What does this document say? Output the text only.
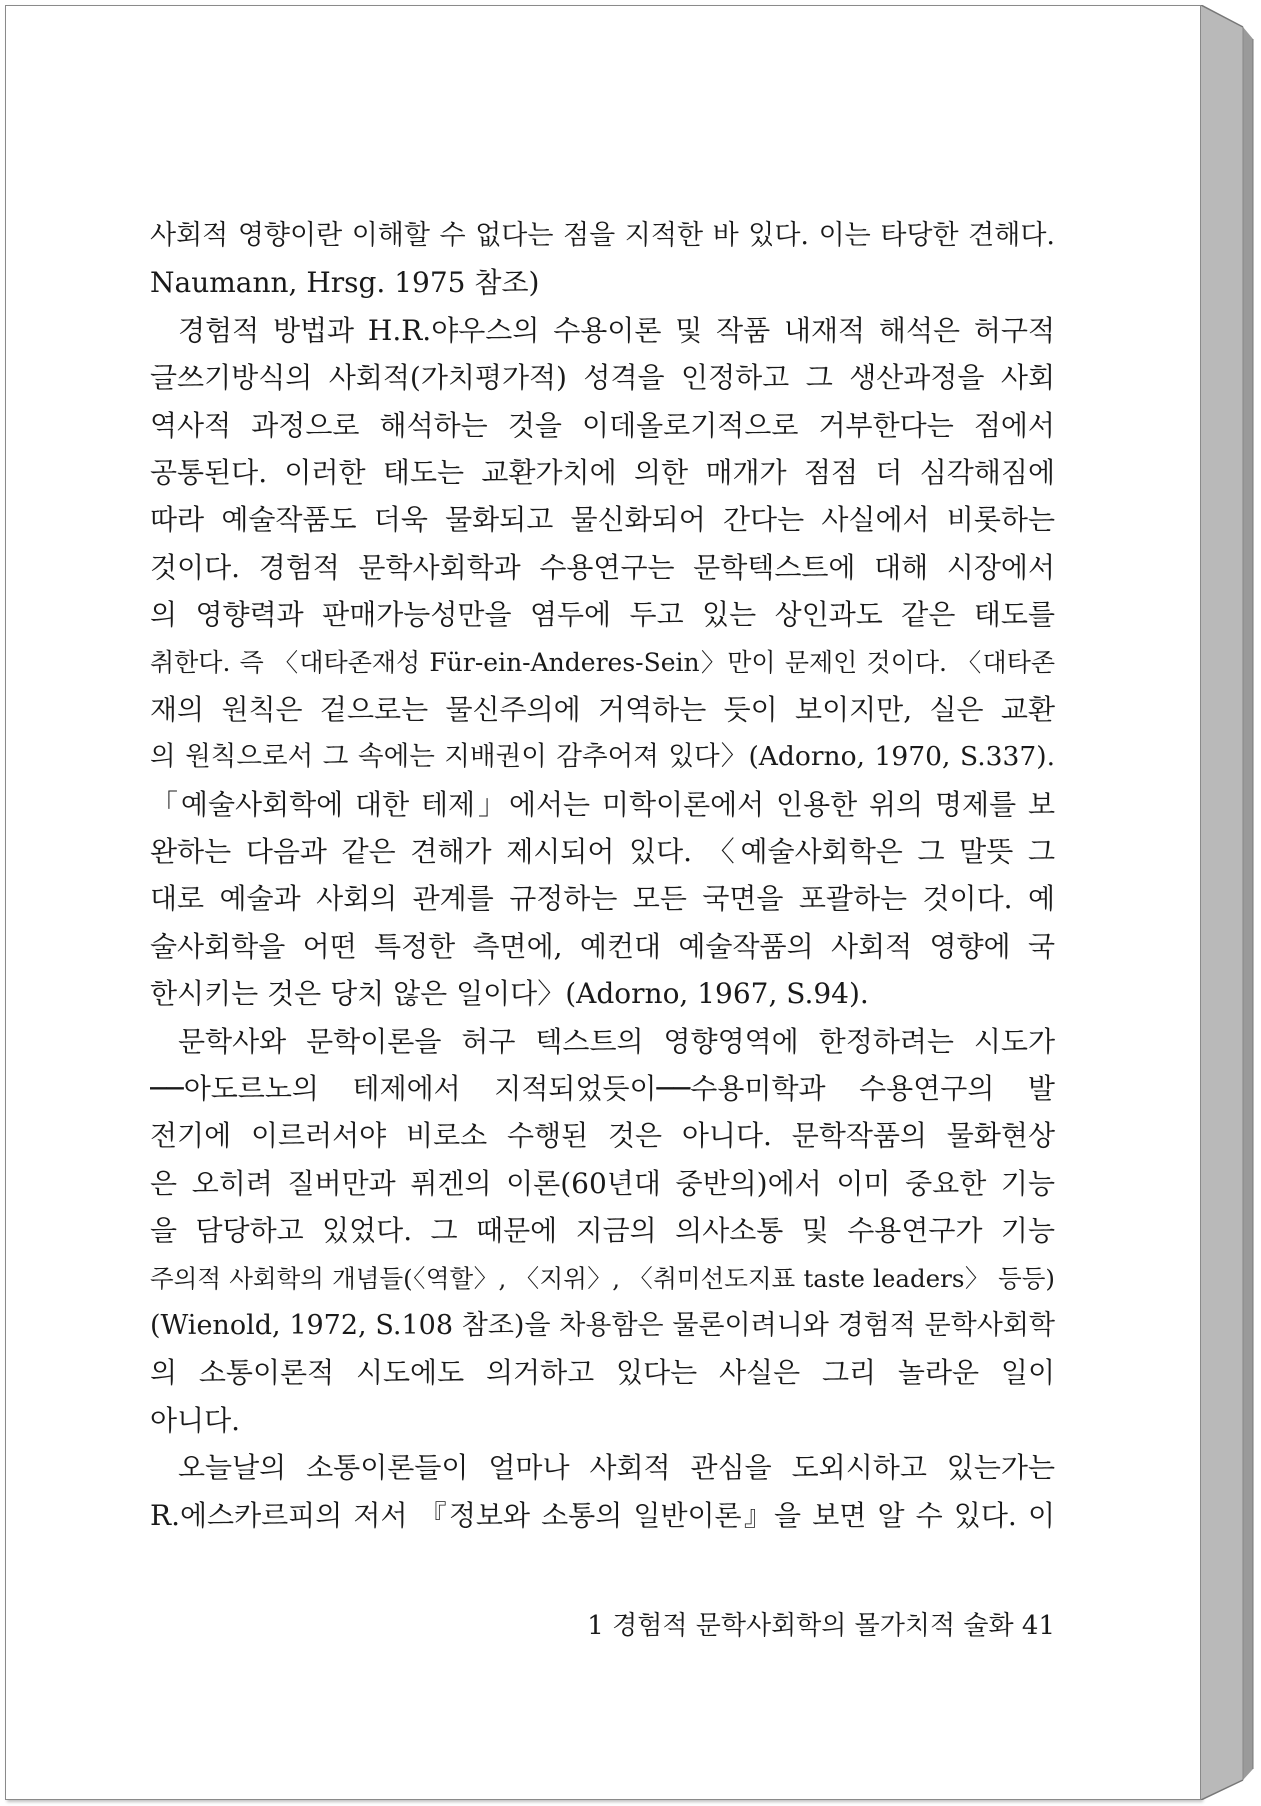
사회적 영향이란 이해할 수 없다는 점을 지적한 바 있다. 이는 타당한 견해다.
Naumann, Hrsg. 1975 참조)
경험적 방법과 H.R.야우스의 수용이론 및 작품 내재적 해석은 허구적
글쓰기방식의 사회적(가치평가적) 성격을 인정하고 그 생산과정을 사회
역사적 과정으로 해석하는 것을 이데올로기적으로 거부한다는 점에서
공통된다. 이러한 태도는 교환가치에 의한 매개가 점점 더 심각해짐에
따라 예술작품도 더욱 물화되고 물신화되어 간다는 사실에서 비롯하는
것이다. 경험적 문학사회학과 수용연구는 문학텍스트에 대해 시장에서
의 영향력과 판매가능성만을 염두에 두고 있는 상인과도 같은 태도를
취한다. 즉 〈대타존재성 Für-ein-Anderes-Sein〉만이 문제인 것이다. 〈대타존
재의 원칙은 겉으로는 물신주의에 거역하는 듯이 보이지만, 실은 교환
의 원칙으로서 그 속에는 지배권이 감추어져 있다〉(Adorno, 1970, S.337).
「예술사회학에 대한 테제」에서는 미학이론에서 인용한 위의 명제를 보
완하는 다음과 같은 견해가 제시되어 있다. 〈예술사회학은 그 말뜻 그
대로 예술과 사회의 관계를 규정하는 모든 국면을 포괄하는 것이다. 예
술사회학을 어떤 특정한 측면에, 예컨대 예술작품의 사회적 영향에 국
한시키는 것은 당치 않은 일이다〉(Adorno, 1967, S.94).
문학사와 문학이론을 허구 텍스트의 영향영역에 한정하려는 시도가
──아도르노의 테제에서 지적되었듯이──수용미학과 수용연구의 발
전기에 이르러서야 비로소 수행된 것은 아니다. 문학작품의 물화현상
은 오히려 질버만과 퓌겐의 이론(60년대 중반의)에서 이미 중요한 기능
을 담당하고 있었다. 그 때문에 지금의 의사소통 및 수용연구가 기능
주의적 사회학의 개념들(〈역할〉, 〈지위〉, 〈취미선도지표 taste leaders〉 등등)
(Wienold, 1972, S.108 참조)을 차용함은 물론이려니와 경험적 문학사회학
의 소통이론적 시도에도 의거하고 있다는 사실은 그리 놀라운 일이
아니다.
오늘날의 소통이론들이 얼마나 사회적 관심을 도외시하고 있는가는
R.에스카르피의 저서 『정보와 소통의 일반이론』을 보면 알 수 있다. 이
1 경험적 문학사회학의 몰가치적 술화 41
